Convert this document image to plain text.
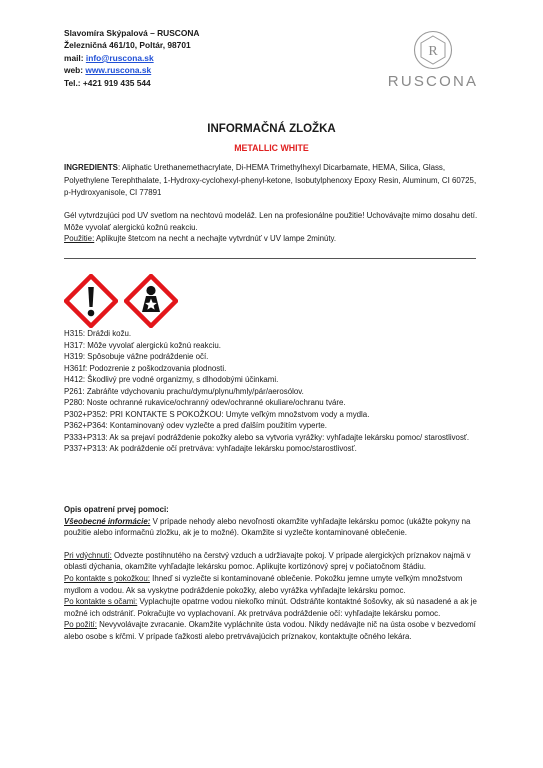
Slavomíra Skýpalová – RUSCONA
Železničná 461/10, Poltár, 98701
mail: info@ruscona.sk
web: www.ruscona.sk
Tel.: +421 919 435 544
R
RUSCONA
INFORMAČNÁ ZLOŽKA
METALLIC WHITE
INGREDIENTS: Aliphatic Urethanemethacrylate, Di-HEMA Trimethylhexyl Dicarbamate, HEMA, Silica, Glass, Polyethylene Terephthalate, 1-Hydroxy-cyclohexyl-phenyl-ketone, Isobutylphenoxy Epoxy Resin, Aluminum, CI 60725, p-Hydroxyanisole, CI 77891

Gél vytvrdzujúci pod UV svetlom na nechtovú modeláž. Len na profesionálne použitie! Uchovávajte mimo dosahu detí. Môže vyvolať alergickú kožnú reakciu.

Použitie: Aplikujte štetcom na necht a nechajte vytvrdnúť v UV lampe 2minúty.

H315: Dráždi kožu.

H317: Môže vyvolať alergickú kožnú reakciu.

H319: Spôsobuje vážne podráždenie očí.

H361f: Podozrenie z poškodzovania plodnosti.

H412: Škodlivý pre vodné organizmy, s dlhodobými účinkami.

P261: Zabráňte vdychovaniu prachu/dymu/plynu/hmly/pár/aerosólov.

P280: Noste ochranné rukavice/ochranný odev/ochranné okuliare/ochranu tváre.

P302+P352: PRI KONTAKTE S POKOŽKOU: Umyte veľkým množstvom vody a mydla.

P362+P364: Kontaminovaný odev vyzlečte a pred ďalším použitím vyperte.

P333+P313: Ak sa prejaví podráždenie pokožky alebo sa vytvoria vyrážky: vyhľadajte lekársku pomoc/ starostlivosť.

P337+P313: Ak podráždenie očí pretrváva: vyhľadajte lekársku pomoc/starostlivosť.

Opis opatrení prvej pomoci:

Všeobecné informácie: V prípade nehody alebo nevoľnosti okamžite vyhľadajte lekársku pomoc (ukážte pokyny na použitie alebo informačnú zložku, ak je to možné). Okamžite si vyzlečte kontaminované oblečenie.

Pri vdýchnutí: Odvezte postihnutého na čerstvý vzduch a udržiavajte pokoj. V prípade alergických príznakov najmä v oblasti dýchania, okamžite vyhľadajte lekársku pomoc. Aplikujte kortizónový sprej v počiatočnom štádiu.

Po kontakte s pokožkou: Ihneď si vyzlečte si kontaminované oblečenie. Pokožku jemne umyte veľkým množstvom mydlom a vodou. Ak sa vyskytne podráždenie pokožky, alebo vyrážka vyhľadajte lekársku pomoc.

Po kontakte s očami: Vyplachujte opatrne vodou niekoľko minút. Odstráňte kontaktné šošovky, ak sú nasadené a ak je možné ich odstrániť. Pokračujte vo vyplachovaní. Ak pretrváva podráždenie očí: vyhľadajte lekársku pomoc.

Po požití: Nevyvolávajte zvracanie. Okamžite vypláchnite ústa vodou. Nikdy nedávajte nič na ústa osobe v bezvedomí alebo osobe s kŕčmi. V prípade ťažkosti alebo pretrvávajúcich príznakov, kontaktujte očného lekára.
